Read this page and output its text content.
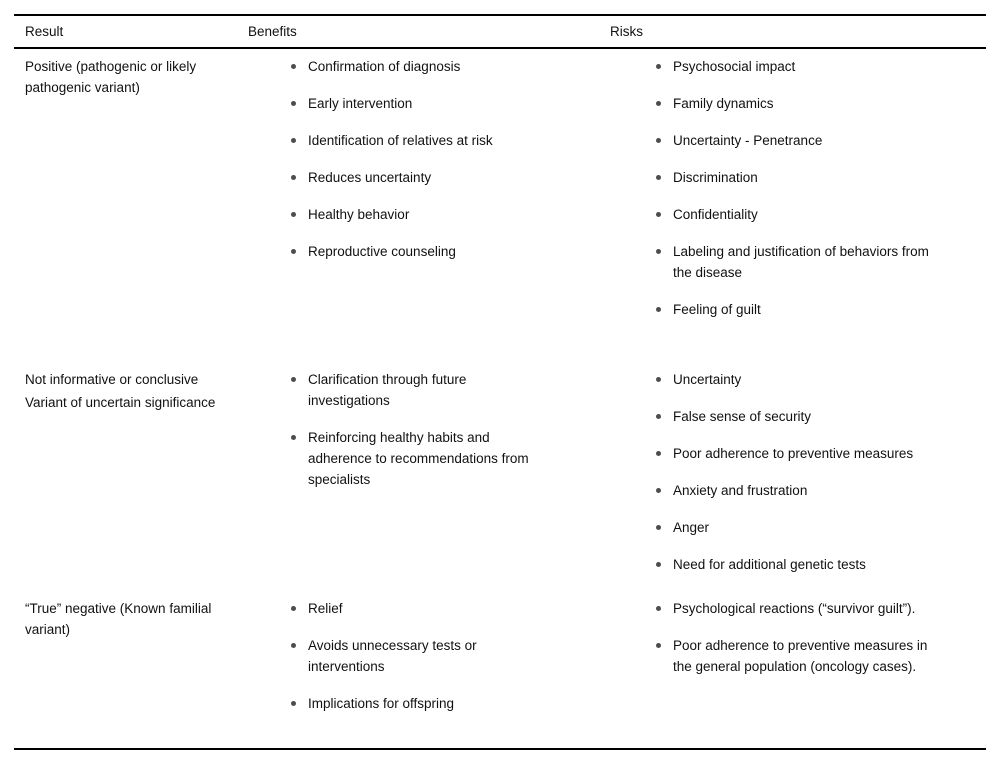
Result	Benefits	Risks
Positive (pathogenic or likely pathogenic variant)
Confirmation of diagnosis
Early intervention
Identification of relatives at risk
Reduces uncertainty
Healthy behavior
Reproductive counseling
Psychosocial impact
Family dynamics
Uncertainty - Penetrance
Discrimination
Confidentiality
Labeling and justification of behaviors from the disease
Feeling of guilt
Not informative or conclusive
Variant of uncertain significance
Clarification through future investigations
Reinforcing healthy habits and adherence to recommendations from specialists
Uncertainty
False sense of security
Poor adherence to preventive measures
Anxiety and frustration
Anger
Need for additional genetic tests
“True” negative (Known familial variant)
Relief
Avoids unnecessary tests or interventions
Implications for offspring
Psychological reactions (“survivor guilt”).
Poor adherence to preventive measures in the general population (oncology cases).
